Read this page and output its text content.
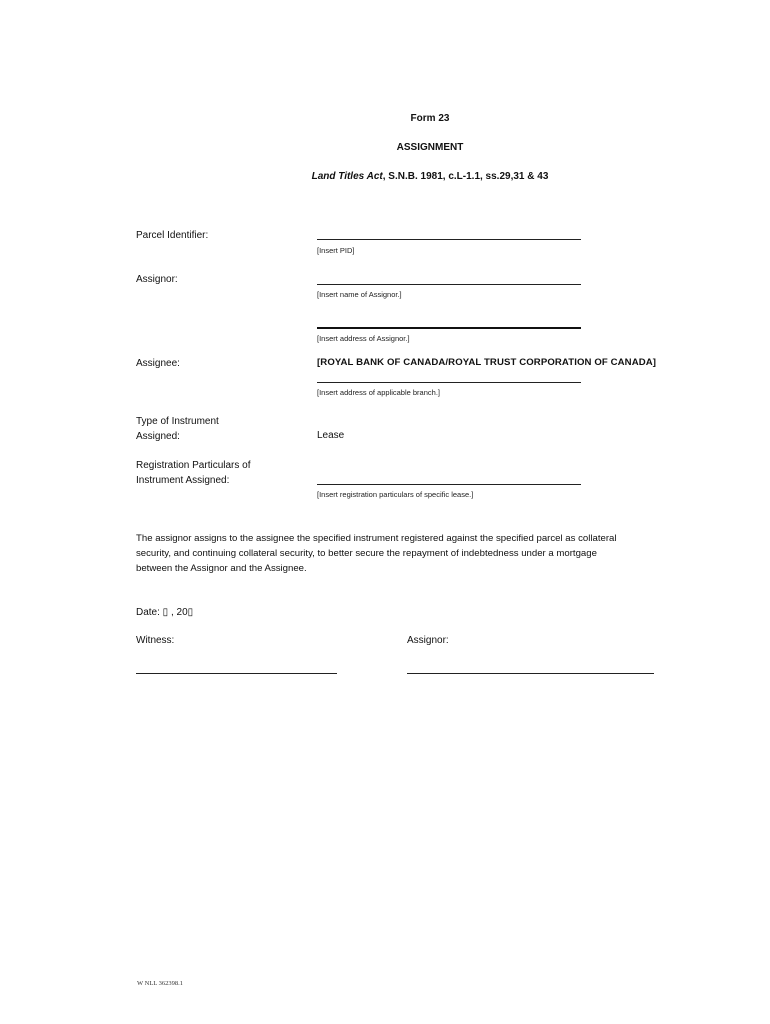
Form 23
ASSIGNMENT
Land Titles Act, S.N.B. 1981, c.L-1.1, ss.29,31 & 43
Parcel Identifier:
[Insert PID]
Assignor:
[Insert name of Assignor.]
[Insert address of Assignor.]
Assignee:	[ROYAL BANK OF CANADA/ROYAL TRUST CORPORATION OF CANADA]
[Insert address of applicable branch.]
Type of Instrument
Assigned:	Lease
Registration Particulars of
Instrument Assigned:
[Insert registration particulars of specific lease.]
The assignor assigns to the assignee the specified instrument registered against the specified parcel as collateral
security, and continuing collateral security, to better secure the repayment of indebtedness under a mortgage
between the Assignor and the Assignee.
Date: ▯ , 20▯
Witness:	Assignor:
W NLL 362398.1
